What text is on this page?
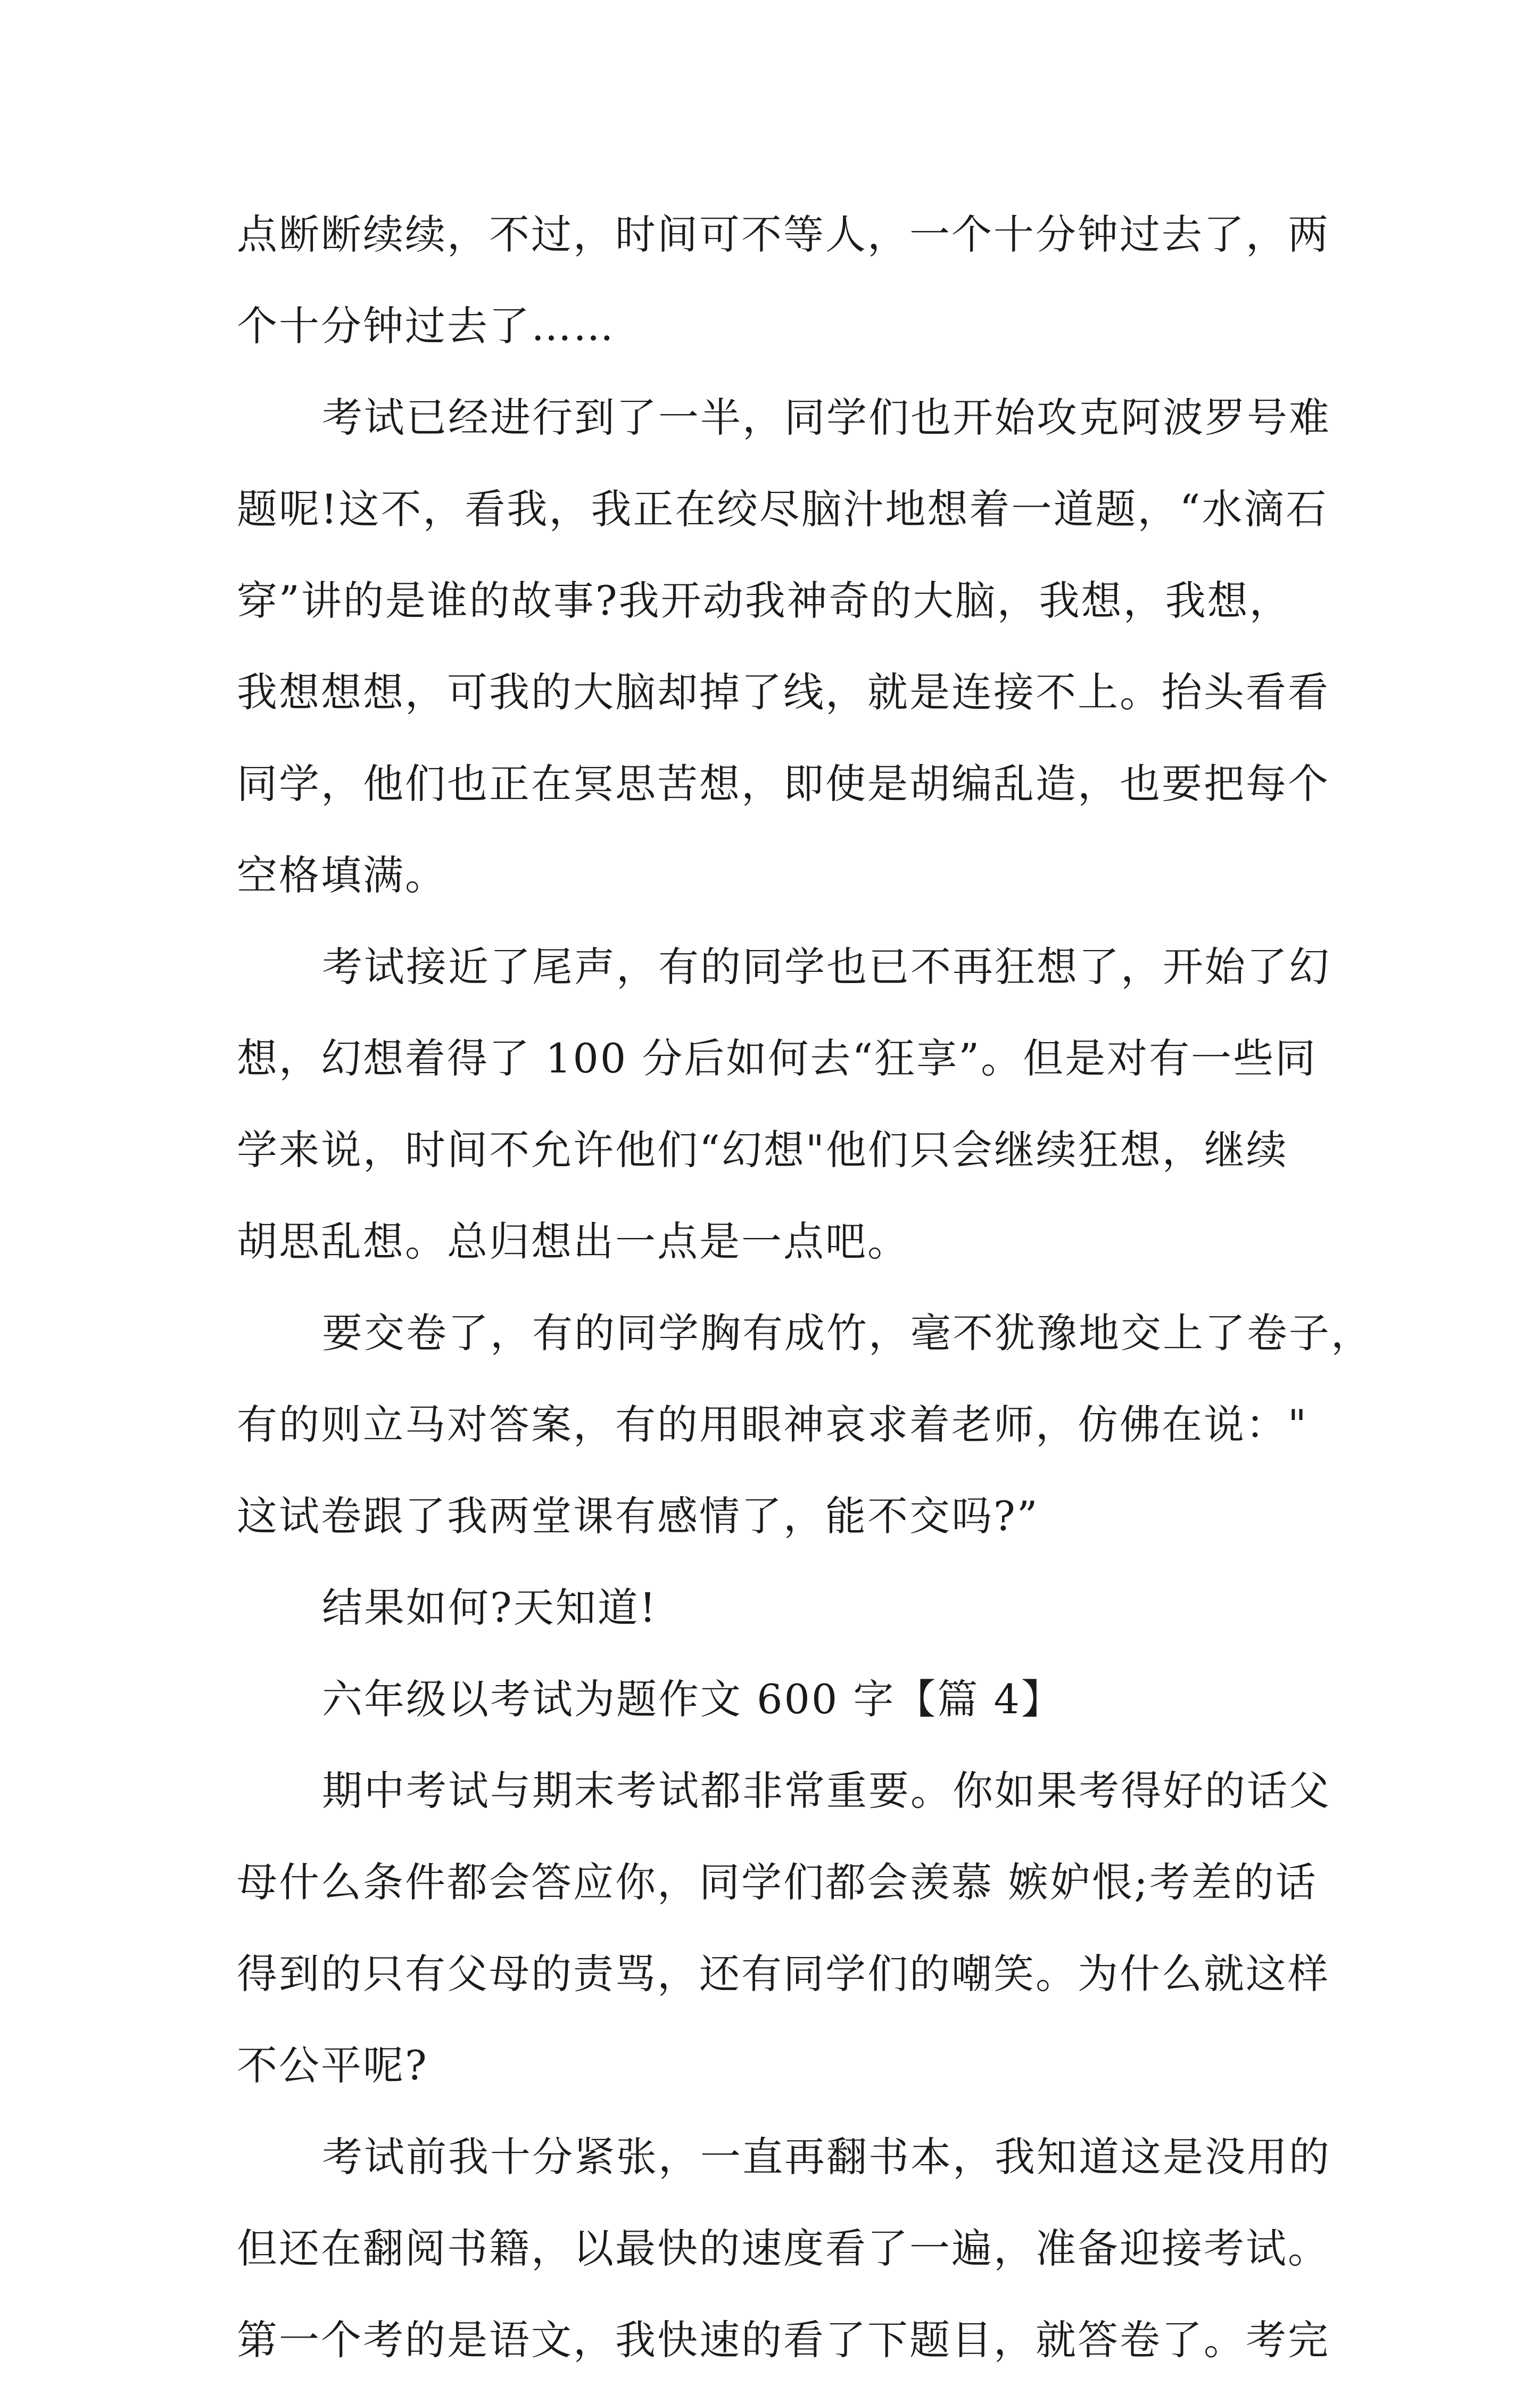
点断断续续，不过，时间可不等人，一个十分钟过去了，两
个十分钟过去了……

考试已经进行到了一半，同学们也开始攻克阿波罗号难
题呢!这不，看我，我正在绞尽脑汁地想着一道题，“水滴石
穿”讲的是谁的故事?我开动我神奇的大脑，我想，我想，
我想想想，可我的大脑却掉了线，就是连接不上。抬头看看
同学，他们也正在冥思苦想，即使是胡编乱造，也要把每个
空格填满。

考试接近了尾声，有的同学也已不再狂想了，开始了幻
想，幻想着得了 100 分后如何去“狂享”。但是对有一些同
学来说，时间不允许他们“幻想"他们只会继续狂想，继续
胡思乱想。总归想出一点是一点吧。

要交卷了，有的同学胸有成竹，毫不犹豫地交上了卷子，
有的则立马对答案，有的用眼神哀求着老师，仿佛在说："
这试卷跟了我两堂课有感情了，能不交吗?”

结果如何?天知道!

六年级以考试为题作文 600 字【篇 4】

期中考试与期末考试都非常重要。你如果考得好的话父
母什么条件都会答应你，同学们都会羡慕 嫉妒恨;考差的话
得到的只有父母的责骂，还有同学们的嘲笑。为什么就这样
不公平呢?

考试前我十分紧张，一直再翻书本，我知道这是没用的
但还在翻阅书籍，以最快的速度看了一遍，准备迎接考试。
第一个考的是语文，我快速的看了下题目，就答卷了。考完
